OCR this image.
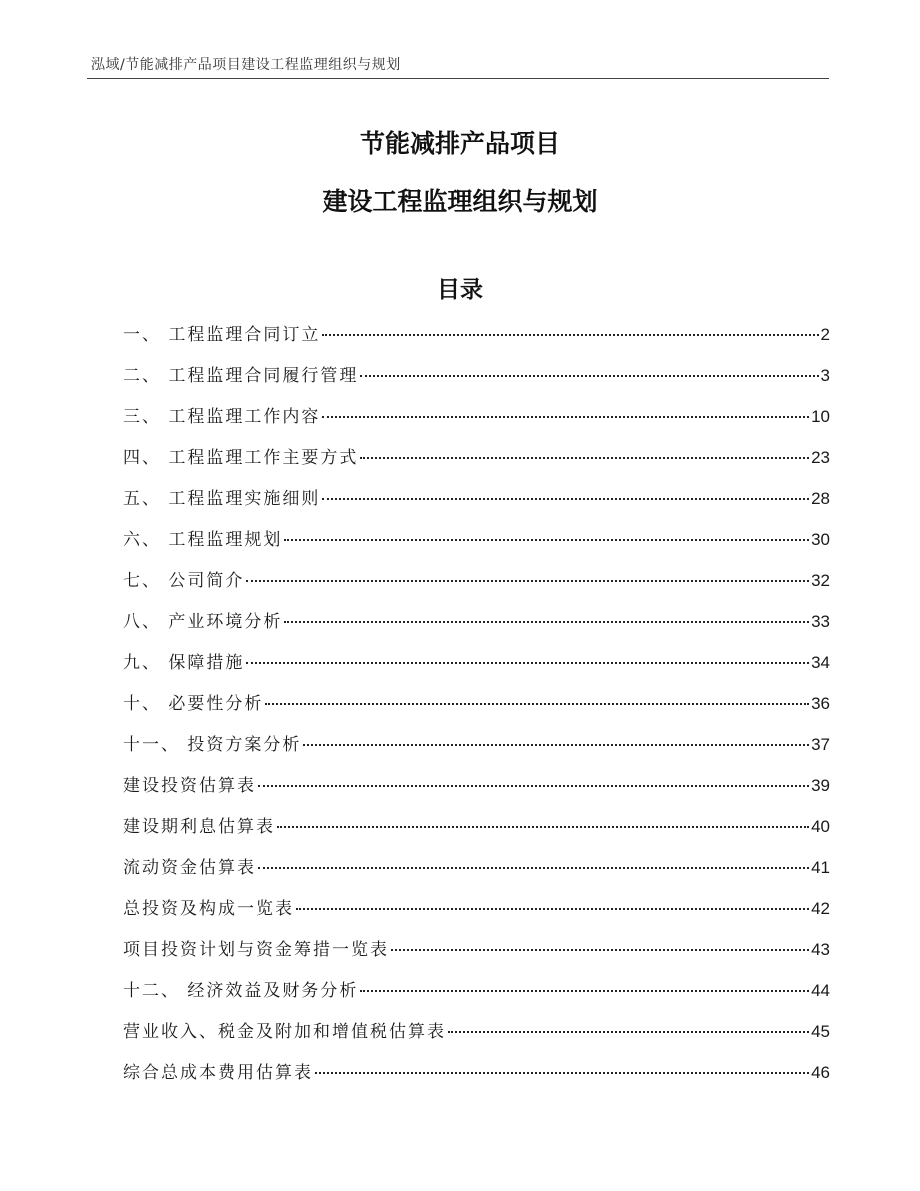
泓域/节能减排产品项目建设工程监理组织与规划
节能减排产品项目
建设工程监理组织与规划
目录
一、 工程监理合同订立	2
二、 工程监理合同履行管理	3
三、 工程监理工作内容	10
四、 工程监理工作主要方式	23
五、 工程监理实施细则	28
六、 工程监理规划	30
七、 公司简介	32
八、 产业环境分析	33
九、 保障措施	34
十、 必要性分析	36
十一、 投资方案分析	37
建设投资估算表	39
建设期利息估算表	40
流动资金估算表	41
总投资及构成一览表	42
项目投资计划与资金筹措一览表	43
十二、 经济效益及财务分析	44
营业收入、税金及附加和增值税估算表	45
综合总成本费用估算表	46
